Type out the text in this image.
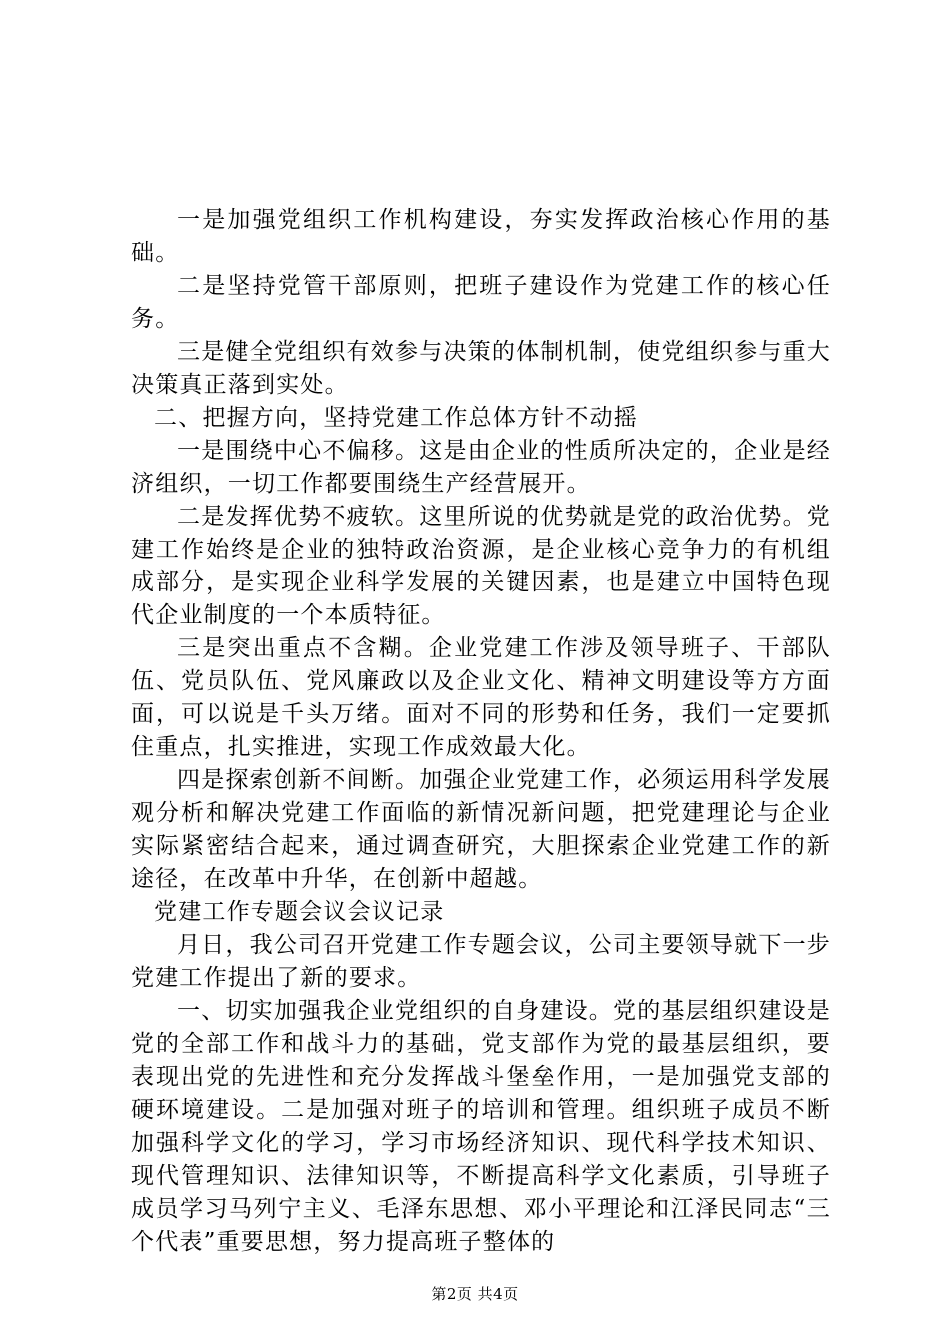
一是加强党组织工作机构建设，夯实发挥政治核心作用的基础。

二是坚持党管干部原则，把班子建设作为党建工作的核心任务。

三是健全党组织有效参与决策的体制机制，使党组织参与重大决策真正落到实处。

二、把握方向，坚持党建工作总体方针不动摇

一是围绕中心不偏移。这是由企业的性质所决定的，企业是经济组织，一切工作都要围绕生产经营展开。

二是发挥优势不疲软。这里所说的优势就是党的政治优势。党建工作始终是企业的独特政治资源，是企业核心竞争力的有机组成部分，是实现企业科学发展的关键因素，也是建立中国特色现代企业制度的一个本质特征。

三是突出重点不含糊。企业党建工作涉及领导班子、干部队伍、党员队伍、党风廉政以及企业文化、精神文明建设等方方面面，可以说是千头万绪。面对不同的形势和任务，我们一定要抓住重点，扎实推进，实现工作成效最大化。

四是探索创新不间断。加强企业党建工作，必须运用科学发展观分析和解决党建工作面临的新情况新问题，把党建理论与企业实际紧密结合起来，通过调查研究，大胆探索企业党建工作的新途径，在改革中升华，在创新中超越。

党建工作专题会议会议记录

月日，我公司召开党建工作专题会议，公司主要领导就下一步党建工作提出了新的要求。

一、切实加强我企业党组织的自身建设。党的基层组织建设是党的全部工作和战斗力的基础，党支部作为党的最基层组织，要表现出党的先进性和充分发挥战斗堡垒作用，一是加强党支部的硬环境建设。二是加强对班子的培训和管理。组织班子成员不断加强科学文化的学习，学习市场经济知识、现代科学技术知识、现代管理知识、法律知识等，不断提高科学文化素质，引导班子成员学习马列宁主义、毛泽东思想、邓小平理论和江泽民同志“三个代表”重要思想，努力提高班子整体的

第2页 共4页
